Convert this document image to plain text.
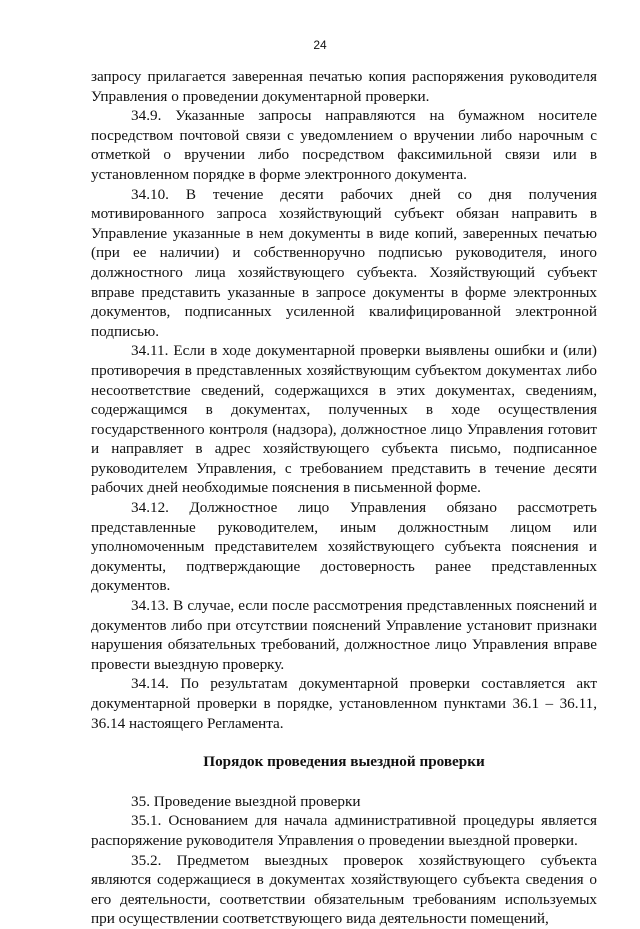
24

запросу прилагается заверенная печатью копия распоряжения руководителя Управления о проведении документарной проверки.

34.9. Указанные запросы направляются на бумажном носителе посредством почтовой связи с уведомлением о вручении либо нарочным с отметкой о вручении либо посредством факсимильной связи или в установленном порядке в форме электронного документа.

34.10. В течение десяти рабочих дней со дня получения мотивированного запроса хозяйствующий субъект обязан направить в Управление указанные в нем документы в виде копий, заверенных печатью (при ее наличии) и собственноручно подписью руководителя, иного должностного лица хозяйствующего субъекта. Хозяйствующий субъект вправе представить указанные в запросе документы в форме электронных документов, подписанных усиленной квалифицированной электронной подписью.

34.11. Если в ходе документарной проверки выявлены ошибки и (или) противоречия в представленных хозяйствующим субъектом документах либо несоответствие сведений, содержащихся в этих документах, сведениям, содержащимся в документах, полученных в ходе осуществления государственного контроля (надзора), должностное лицо Управления готовит и направляет в адрес хозяйствующего субъекта письмо, подписанное руководителем Управления, с требованием представить в течение десяти рабочих дней необходимые пояснения в письменной форме.

34.12. Должностное лицо Управления обязано рассмотреть представленные руководителем, иным должностным лицом или уполномоченным представителем хозяйствующего субъекта пояснения и документы, подтверждающие достоверность ранее представленных документов.

34.13. В случае, если после рассмотрения представленных пояснений и документов либо при отсутствии пояснений Управление установит признаки нарушения обязательных требований, должностное лицо Управления вправе провести выездную проверку.

34.14. По результатам документарной проверки составляется акт документарной проверки в порядке, установленном пунктами 36.1 – 36.11, 36.14 настоящего Регламента.

Порядок проведения выездной проверки

35. Проведение выездной проверки

35.1. Основанием для начала административной процедуры является распоряжение руководителя Управления о проведении выездной проверки.

35.2. Предметом выездных проверок хозяйствующего субъекта являются содержащиеся в документах хозяйствующего субъекта сведения о его деятельности, соответствии обязательным требованиям используемых при осуществлении соответствующего вида деятельности помещений,
